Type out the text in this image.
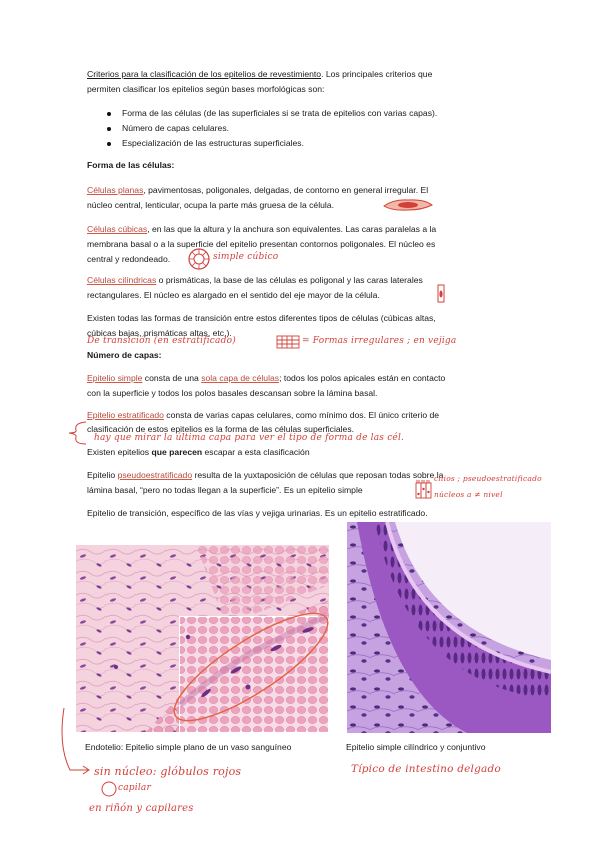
Criterios para la clasificación de los epitelios de revestimiento. Los principales criterios que
permiten clasificar los epitelios según bases morfológicas son:
Forma de las células (de las superficiales si se trata de epitelios con varias capas).
Número de capas celulares.
Especialización de las estructuras superficiales.
Forma de las células:
Células planas, pavimentosas, poligonales, delgadas, de contorno en general irregular. El
núcleo central, lenticular, ocupa la parte más gruesa de la célula.
Células cúbicas, en las que la altura y la anchura son equivalentes. Las caras paralelas a la
membrana basal o a la superficie del epitelio presentan contornos poligonales. El núcleo es
central y redondeado.	simple cúbico
Células cilíndricas o prismáticas, la base de las células es poligonal y las caras laterales
rectangulares. El núcleo es alargado en el sentido del eje mayor de la célula.
Existen todas las formas de transición entre estos diferentes tipos de células (cúbicas altas,
cúbicas bajas, prismáticas altas, etc.).
De transición (en estratificado)	= Formas irregulares ; en vejiga
Número de capas:
Epitelio simple consta de una sola capa de células; todos los polos apicales están en contacto
con la superficie y todos los polos basales descansan sobre la lámina basal.
Epitelio estratificado consta de varias capas celulares, como mínimo dos. El único criterio de
clasificación de estos epitelios es la forma de las células superficiales.
hay que mirar la última capa para ver el tipo de forma de las cél.
Existen epitelios que parecen escapar a esta clasificación
Epitelio pseudoestratificado resulta de la yuxtaposición de células que reposan todas sobre la
lámina basal, “pero no todas llegan a la superficie”. Es un epitelio simple
cilios ; pseudoestratificado
núcleos a ≠ nivel
Epitelio de transición, específico de las vías y vejiga urinarias. Es un epitelio estratificado.
Endotelio: Epitelio simple plano de un vaso sanguíneo	Epitelio simple cilíndrico y conjuntivo
sin núcleo: glóbulos rojos
capilar
en riñón y capilares
Típico de intestino delgado
